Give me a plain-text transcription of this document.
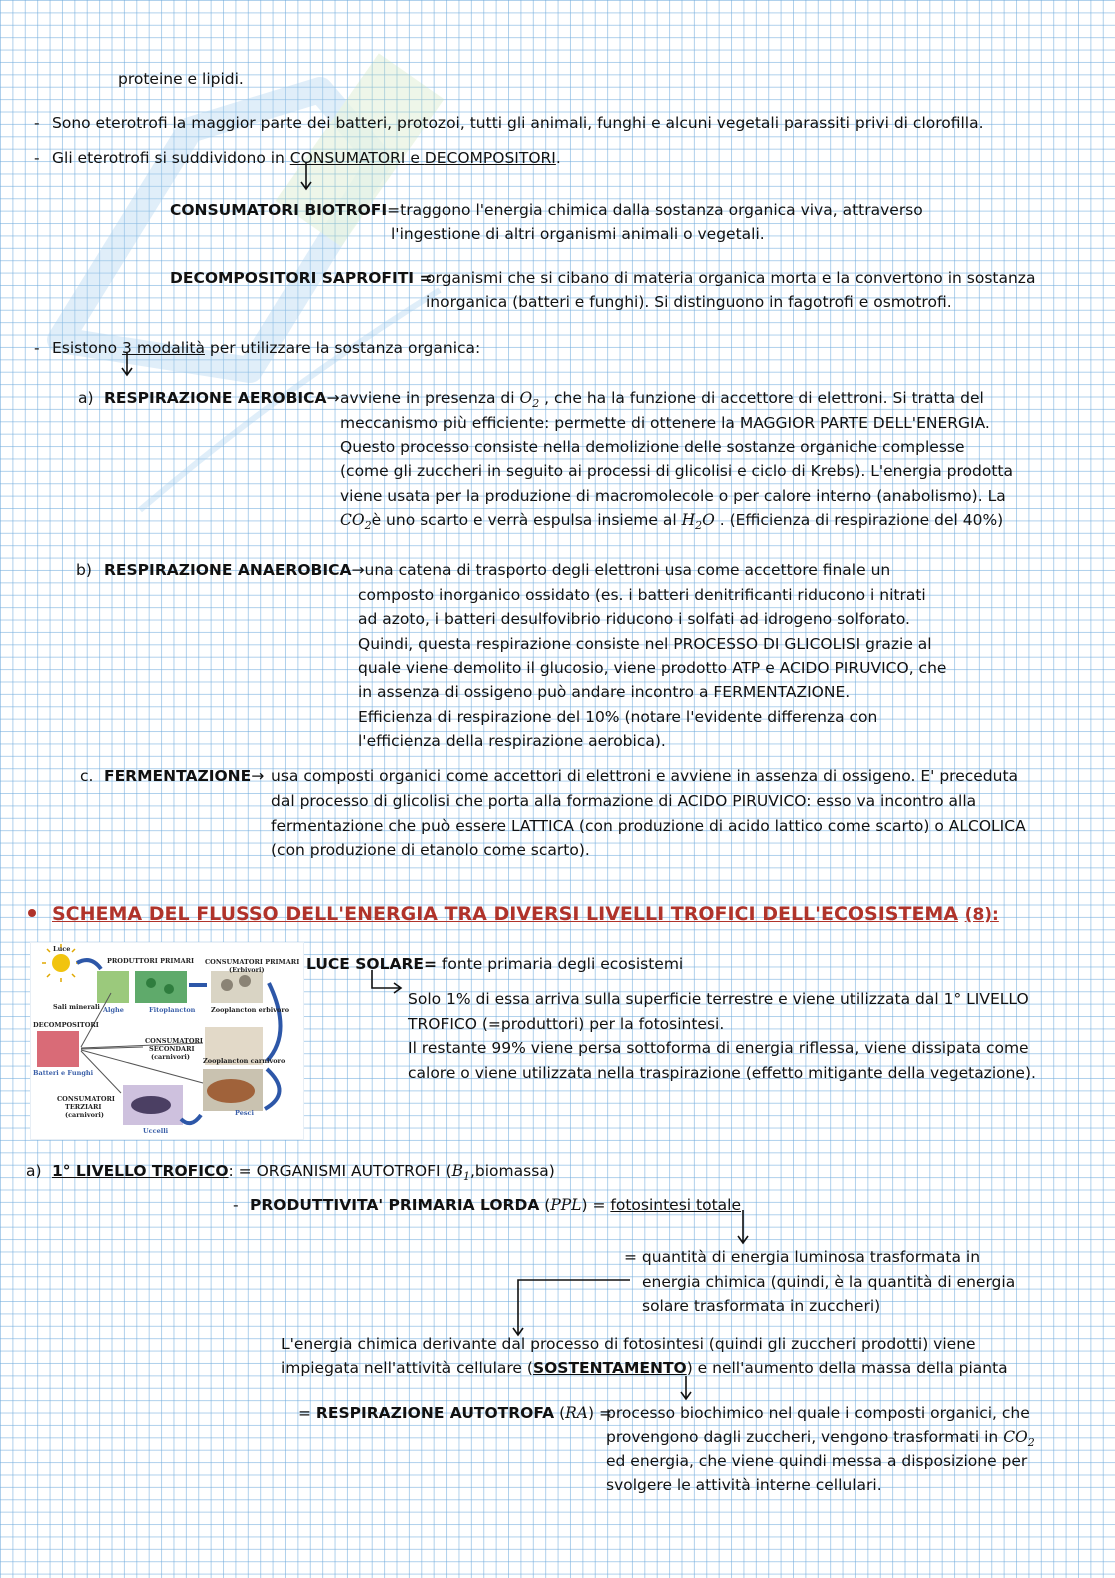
proteine e lipidi.
- Sono eterotrofi la maggior parte dei batteri, protozoi, tutti gli animali, funghi e alcuni vegetali parassiti privi di clorofilla.
- Gli eterotrofi si suddividono in CONSUMATORI e DECOMPOSITORI.
CONSUMATORI BIOTROFI=traggono l'energia chimica dalla sostanza organica viva, attraverso
l'ingestione di altri organismi animali o vegetali.
DECOMPOSITORI SAPROFITI =
organismi che si cibano di materia organica morta e la convertono in sostanza
inorganica (batteri e funghi). Si distinguono in fagotrofi e osmotrofi.
- Esistono 3 modalità per utilizzare la sostanza organica:
a) RESPIRAZIONE AEROBICA→ avviene in presenza di $O_2$ , che ha la funzione di accettore di elettroni. Si tratta del
meccanismo più efficiente: permette di ottenere la MAGGIOR PARTE DELL'ENERGIA.
Questo processo consiste nella demolizione delle sostanze organiche complesse
(come gli zuccheri in seguito ai processi di glicolisi e ciclo di Krebs). L'energia prodotta
viene usata per la produzione di macromolecole o per calore interno (anabolismo). La
$CO_2è$ uno scarto e verrà espulsa insieme al $H_2O$ . (Efficienza di respirazione del 40%)
b) RESPIRAZIONE ANAEROBICA→una catena di trasporto degli elettroni usa come accettore finale un
composto inorganico ossidato (es. i batteri denitrificanti riducono i nitrati
ad azoto, i batteri desulfovibrio riducono i solfati ad idrogeno solforato.
Quindi, questa respirazione consiste nel PROCESSO DI GLICOLISI grazie al
quale viene demolito il glucosio, viene prodotto ATP e ACIDO PIRUVICO, che
in assenza di ossigeno può andare incontro a FERMENTAZIONE.
Efficienza di respirazione del 10% (notare l'evidente differenza con
l'efficienza della respirazione aerobica).
c. FERMENTAZIONE→ usa composti organici come accettori di elettroni e avviene in assenza di ossigeno. E' preceduta
dal processo di glicolisi che porta alla formazione di ACIDO PIRUVICO: esso va incontro alla
fermentazione che può essere LATTICA (con produzione di acido lattico come scarto) o ALCOLICA
(con produzione di etanolo come scarto).
SCHEMA DEL FLUSSO DELL'ENERGIA TRA DIVERSI LIVELLI TROFICI DELL'ECOSISTEMA (8):
Luce
PRODUTTORI PRIMARI CONSUMATORI PRIMARI
(Erbivori)
Sali minerali Alghe	Fitoplancton Zooplancton erbivoro
DECOMPOSITORI
Batteri e Funghi
CONSUMATORI
SECONDARI
(carnivori) Zooplancton carnivoro
CONSUMATORI
TERZIARI
(carnivori)	Pesci
Uccelli
LUCE SOLARE= fonte primaria degli ecosistemi
Solo 1% di essa arriva sulla superficie terrestre e viene utilizzata dal 1° LIVELLO
TROFICO (=produttori) per la fotosintesi.
Il restante 99% viene persa sottoforma di energia riflessa, viene dissipata come
calore o viene utilizzata nella traspirazione (effetto mitigante della vegetazione).
a) 1° LIVELLO TROFICO: = ORGANISMI AUTOTROFI $(B_1,biomassa)$
- PRODUTTIVITA' PRIMARIA LORDA (PPL) = fotosintesi totale
= quantità di energia luminosa trasformata in
energia chimica (quindi, è la quantità di energia
solare trasformata in zuccheri)
L'energia chimica derivante dal processo di fotosintesi (quindi gli zuccheri prodotti) viene
impiegata nell'attività cellulare (SOSTENTAMENTO) e nell'aumento della massa della pianta
= RESPIRAZIONE AUTOTROFA (RA) =
processo biochimico nel quale i composti organici, che
provengono dagli zuccheri, vengono trasformati in $CO_2$
ed energia, che viene quindi messa a disposizione per
svolgere le attività interne cellulari.
